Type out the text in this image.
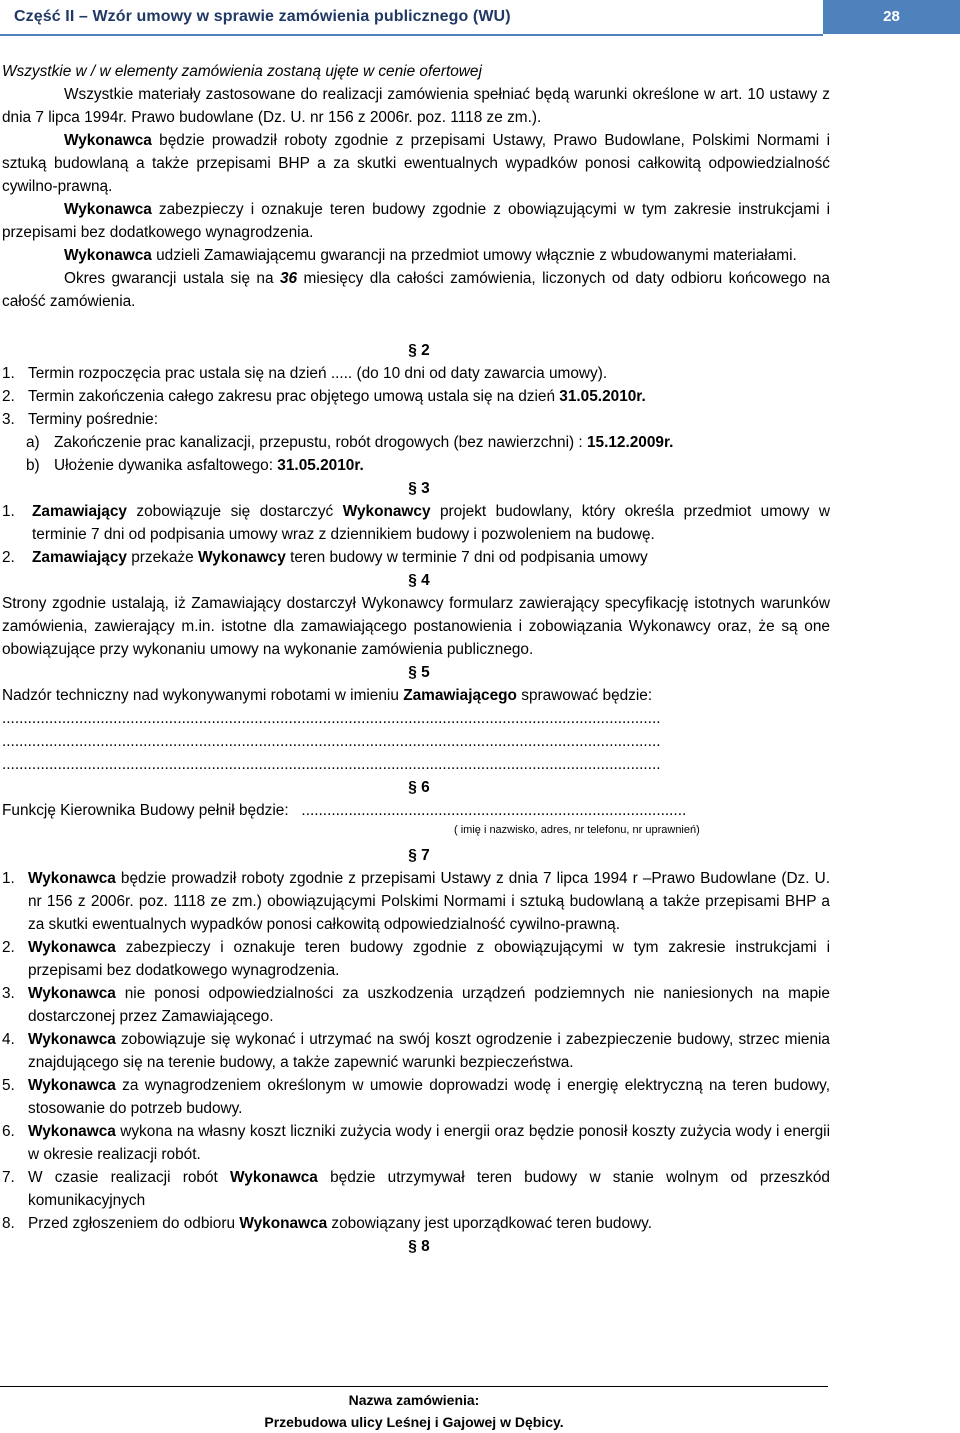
Część II – Wzór umowy w sprawie zamówienia publicznego (WU)	28

Wszystkie w / w elementy zamówienia zostaną ujęte w cenie ofertowej

Wszystkie materiały zastosowane do realizacji zamówienia spełniać będą warunki określone w art. 10 ustawy z dnia 7 lipca 1994r. Prawo budowlane (Dz. U. nr 156 z 2006r. poz. 1118 ze zm.).

Wykonawca będzie prowadził roboty zgodnie z przepisami Ustawy, Prawo Budowlane, Polskimi Normami i sztuką budowlaną a także przepisami BHP a za skutki ewentualnych wypadków ponosi całkowitą odpowiedzialność cywilno-prawną.

Wykonawca zabezpieczy i oznakuje teren budowy zgodnie z obowiązującymi w tym zakresie instrukcjami i przepisami bez dodatkowego wynagrodzenia.

Wykonawca udzieli Zamawiającemu gwarancji na przedmiot umowy włącznie z wbudowanymi materiałami.

Okres gwarancji ustala się na 36 miesięcy dla całości zamówienia, liczonych od daty odbioru końcowego na całość zamówienia.

§ 2

1. Termin rozpoczęcia prac ustala się na dzień ..... (do 10 dni od daty zawarcia umowy).
2. Termin zakończenia całego zakresu prac objętego umową ustala się na dzień 31.05.2010r.
3. Terminy pośrednie:
a) Zakończenie prac kanalizacji, przepustu, robót drogowych (bez nawierzchni) : 15.12.2009r.
b) Ułożenie dywanika asfaltowego: 31.05.2010r.

§ 3

1.	Zamawiający zobowiązuje się dostarczyć Wykonawcy projekt budowlany, który określa przedmiot umowy w terminie 7 dni od podpisania umowy wraz z dziennikiem budowy i pozwoleniem na budowę.
2.	Zamawiający przekaże Wykonawcy teren budowy w terminie 7 dni od podpisania umowy

§ 4

Strony zgodnie ustalają, iż Zamawiający dostarczył Wykonawcy formularz zawierający specyfikację istotnych warunków zamówienia, zawierający m.in. istotne dla zamawiającego postanowienia i zobowiązania Wykonawcy oraz, że są one obowiązujące przy wykonaniu umowy na wykonanie zamówienia publicznego.

§ 5

Nadzór techniczny nad wykonywanymi robotami w imieniu Zamawiającego sprawować będzie:

..........................................................................................................................................................

..........................................................................................................................................................

..........................................................................................................................................................

§ 6

Funkcję Kierownika Budowy pełnił będzie: ..........................................................................................

( imię i nazwisko, adres, nr telefonu, nr uprawnień)

§ 7

1. Wykonawca będzie prowadził roboty zgodnie z przepisami Ustawy z dnia 7 lipca 1994 r –Prawo Budowlane (Dz. U. nr 156 z 2006r. poz. 1118 ze zm.) obowiązującymi Polskimi Normami i sztuką budowlaną a także przepisami BHP a za skutki ewentualnych wypadków ponosi całkowitą odpowiedzialność cywilno-prawną.
2. Wykonawca zabezpieczy i oznakuje teren budowy zgodnie z obowiązującymi w tym zakresie instrukcjami i przepisami bez dodatkowego wynagrodzenia.
3. Wykonawca nie ponosi odpowiedzialności za uszkodzenia urządzeń podziemnych nie naniesionych na mapie dostarczonej przez Zamawiającego.
4. Wykonawca zobowiązuje się wykonać i utrzymać na swój koszt ogrodzenie i zabezpieczenie budowy, strzec mienia znajdującego się na terenie budowy, a także zapewnić warunki bezpieczeństwa.
5. Wykonawca za wynagrodzeniem określonym w umowie doprowadzi wodę i energię elektryczną na teren budowy, stosowanie do potrzeb budowy.
6. Wykonawca wykona na własny koszt liczniki zużycia wody i energii oraz będzie ponosił koszty zużycia wody i energii w okresie realizacji robót.
7. W czasie realizacji robót Wykonawca będzie utrzymywał teren budowy w stanie wolnym od przeszkód komunikacyjnych
8. Przed zgłoszeniem do odbioru Wykonawca zobowiązany jest uporządkować teren budowy.

§ 8

Nazwa zamówienia:
Przebudowa ulicy Leśnej i Gajowej w Dębicy.
